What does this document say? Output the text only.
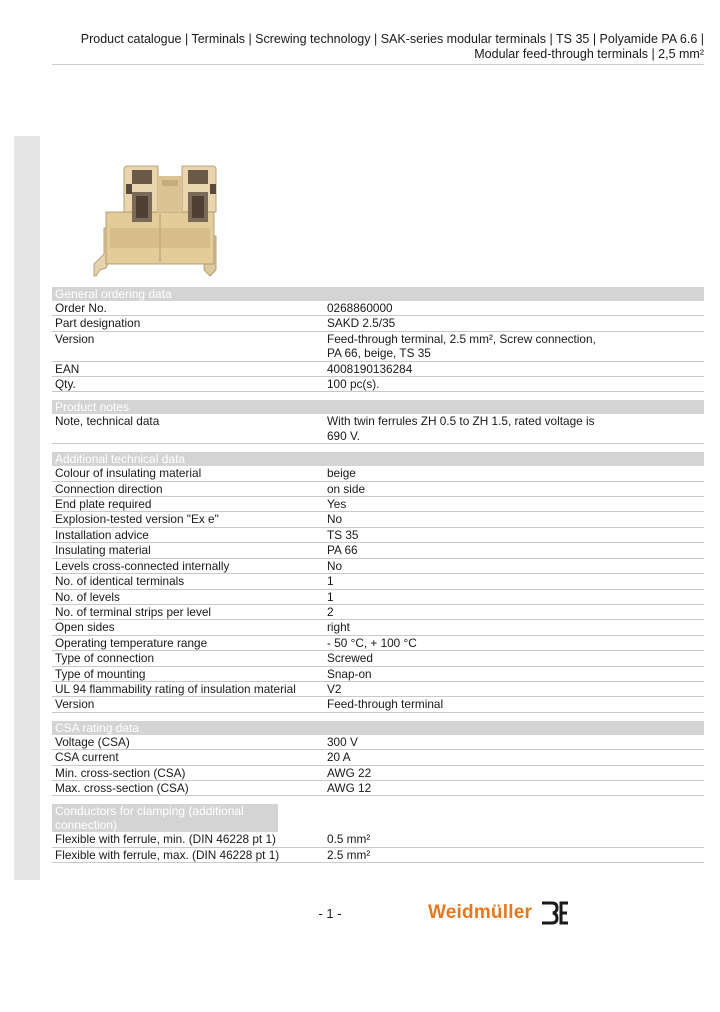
Product catalogue | Terminals | Screwing technology | SAK-series modular terminals | TS 35 | Polyamide PA 6.6 |
Modular feed-through terminals | 2,5 mm²
General ordering data
Order No.	0268860000
Part designation	SAKD 2.5/35
Version	Feed-through terminal, 2.5 mm², Screw connection, PA 66, beige, TS 35
EAN	4008190136284
Qty.	100 pc(s).
Product notes
Note, technical data	With twin ferrules ZH 0.5 to ZH 1.5, rated voltage is 690 V.
Additional technical data
Colour of insulating material	beige
Connection direction	on side
End plate required	Yes
Explosion-tested version "Ex e"	No
Installation advice	TS 35
Insulating material	PA 66
Levels cross-connected internally	No
No. of identical terminals	1
No. of levels	1
No. of terminal strips per level	2
Open sides	right
Operating temperature range	- 50 °C, + 100 °C
Type of connection	Screwed
Type of mounting	Snap-on
UL 94 flammability rating of insulation material	V2
Version	Feed-through terminal
CSA rating data
Voltage (CSA)	300 V
CSA current	20 A
Min. cross-section (CSA)	AWG 22
Max. cross-section (CSA)	AWG 12
Conductors for clamping (additional connection)
Flexible with ferrule, min. (DIN 46228 pt 1)	0.5 mm²
Flexible with ferrule, max. (DIN 46228 pt 1)	2.5 mm²
- 1 -	Weidmüller
